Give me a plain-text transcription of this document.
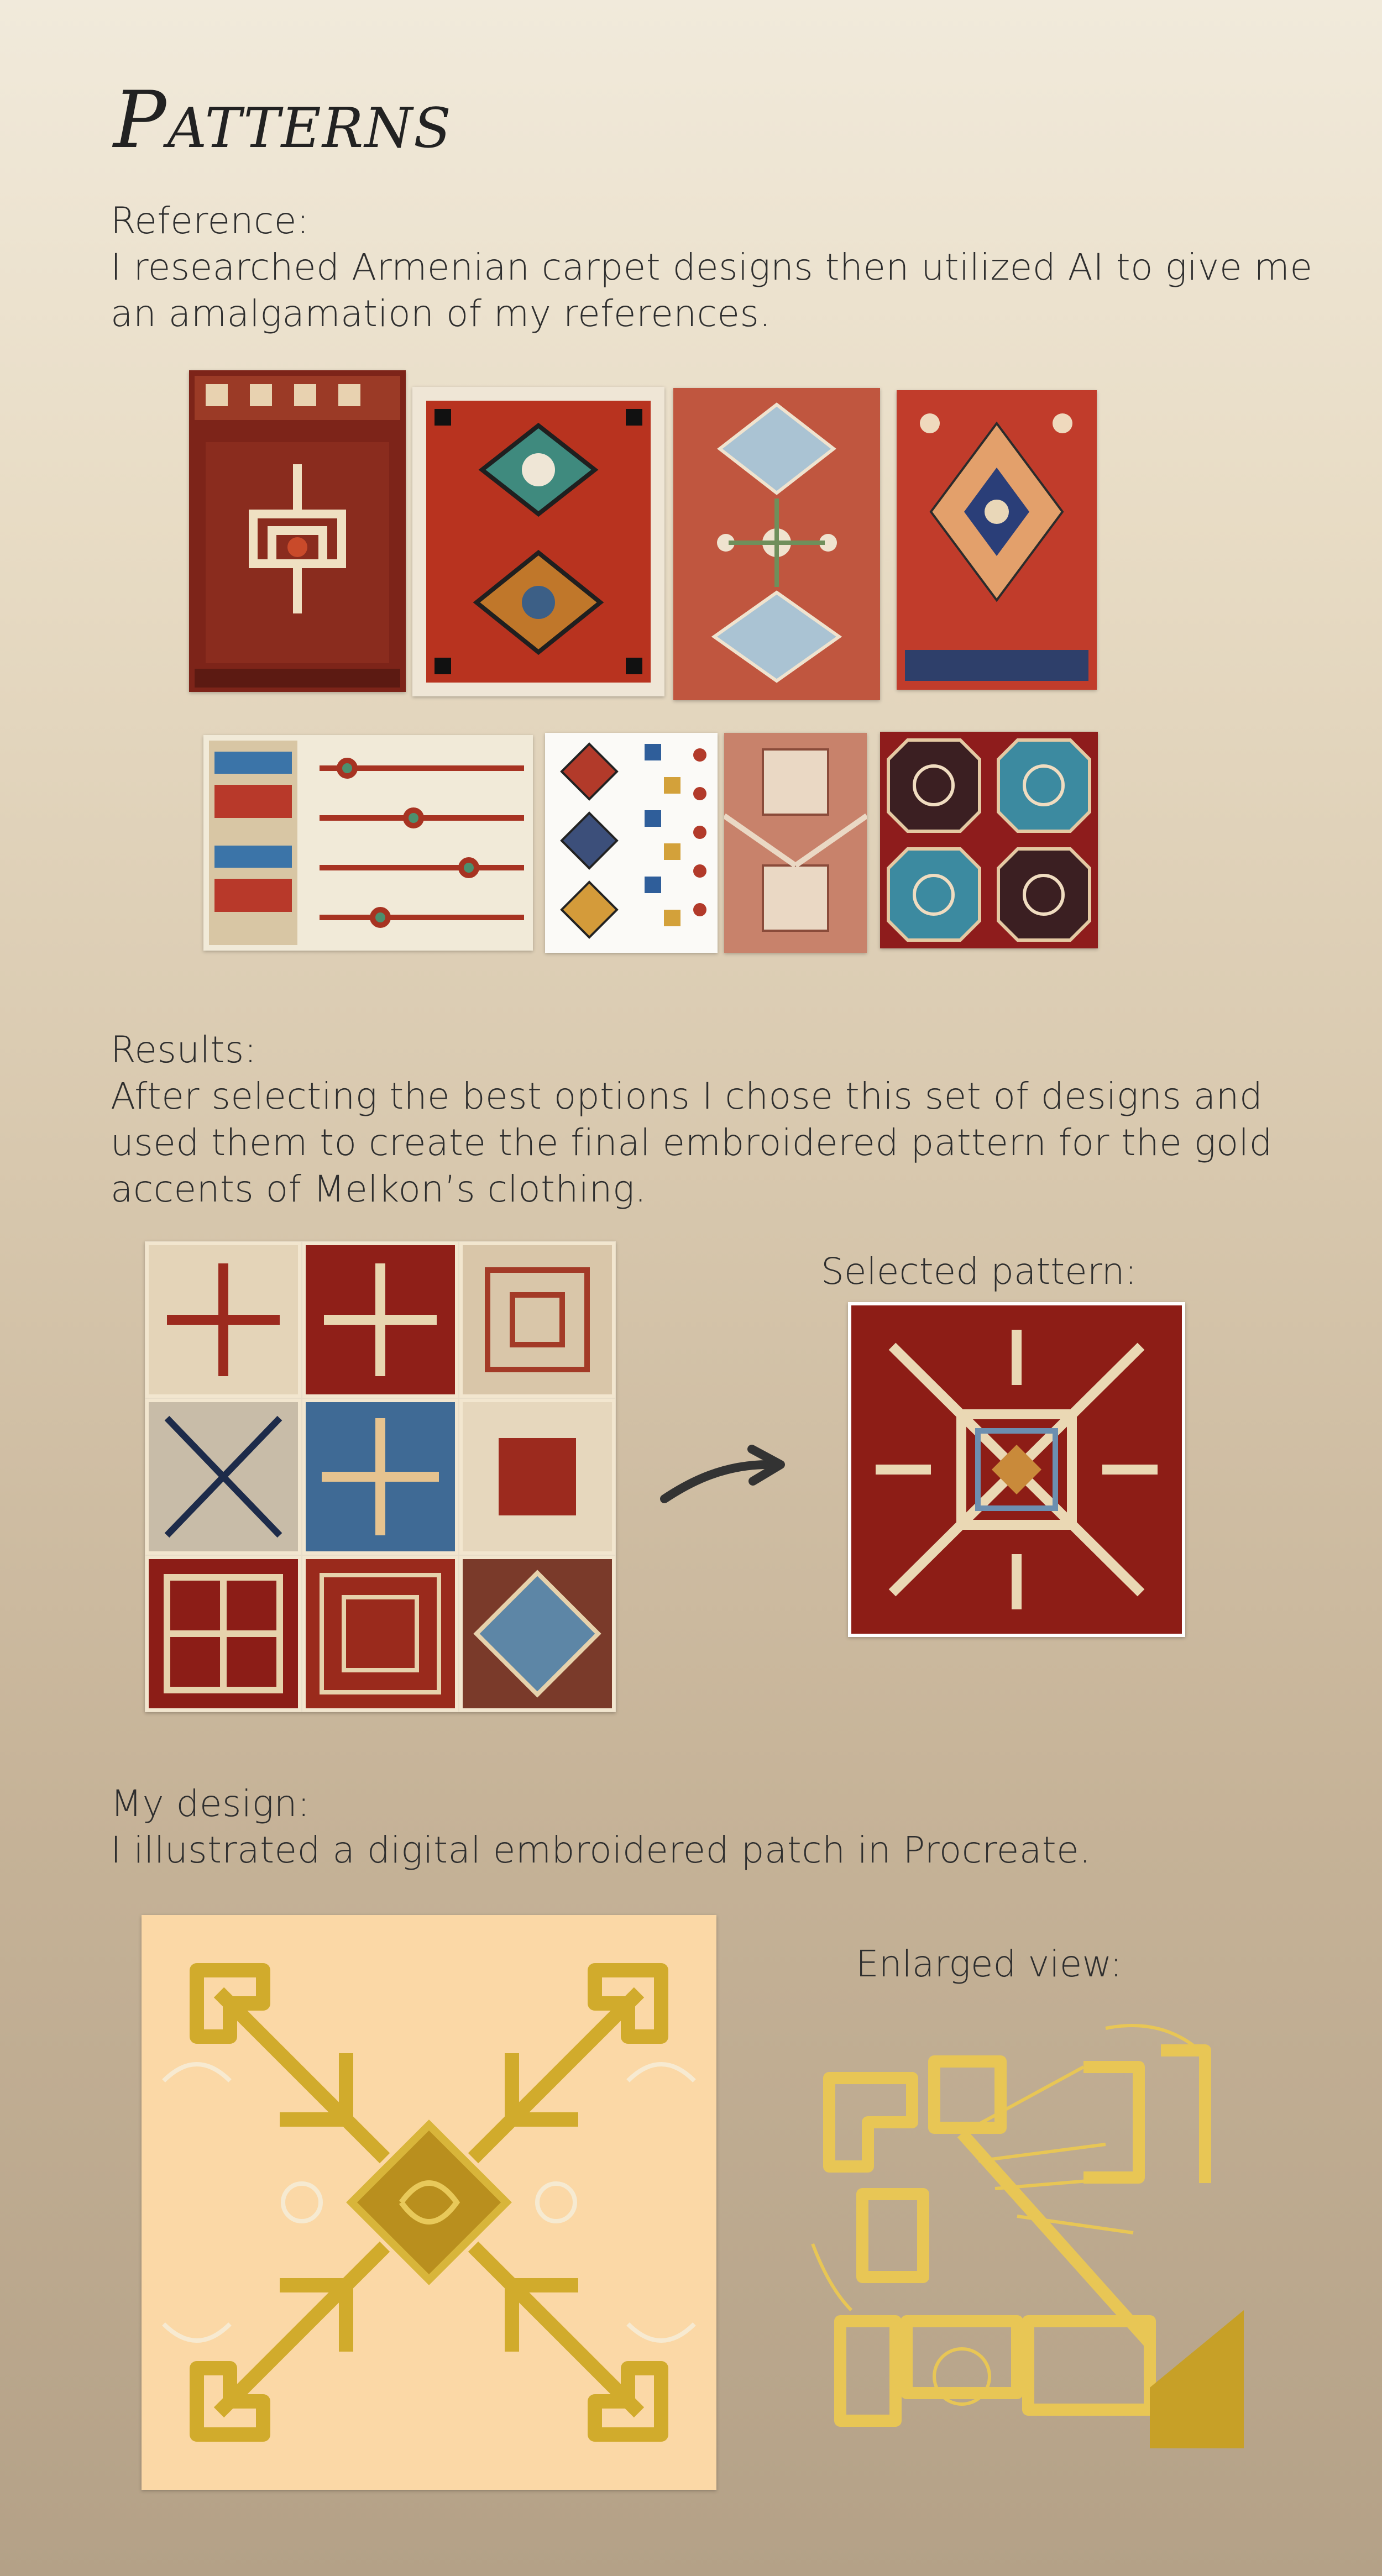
Patterns
Reference:
I researched Armenian carpet designs then utilized AI to give me
an amalgamation of my references.
Results:
After selecting the best options I chose this set of designs and
used them to create the final embroidered pattern for the gold
accents of Melkon’s clothing.
Selected pattern:
My design:
I illustrated a digital embroidered patch in Procreate.
Enlarged view:
